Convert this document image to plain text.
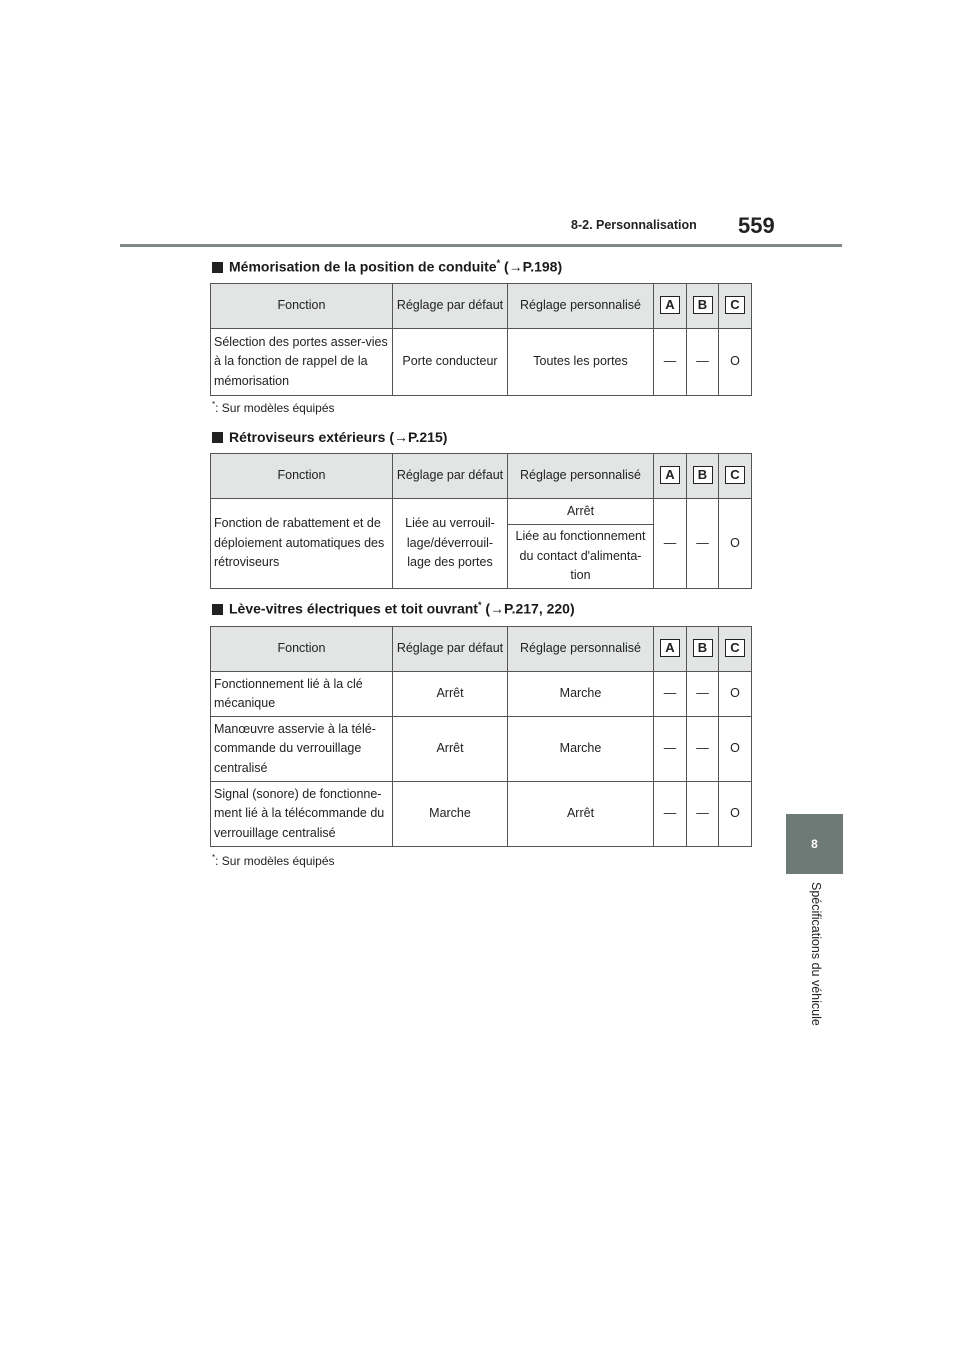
8-2. Personnalisation 559
8
Spécifications du véhicule
Mémorisation de la position de conduite* (→P.198)
Fonction	Réglage par défaut	Réglage personnalisé	A	B	C
Sélection des portes asser-vies à la fonction de rappel de la mémorisation	Porte conducteur	Toutes les portes	—	—	O
*: Sur modèles équipés
Rétroviseurs extérieurs (→P.215)
Fonction	Réglage par défaut	Réglage personnalisé	A	B	C
Fonction de rabattement et de déploiement automatiques des rétroviseurs	Liée au verrouil-lage/déverrouil-lage des portes	Arrêt	—	—	O
		Liée au fonctionnement du contact d'alimenta-tion			
Lève-vitres électriques et toit ouvrant* (→P.217, 220)
Fonction	Réglage par défaut	Réglage personnalisé	A	B	C
Fonctionnement lié à la clé mécanique	Arrêt	Marche	—	—	O
Manœuvre asservie à la télé-commande du verrouillage centralisé	Arrêt	Marche	—	—	O
Signal (sonore) de fonctionne-ment lié à la télécommande du verrouillage centralisé	Marche	Arrêt	—	—	O
*: Sur modèles équipés
